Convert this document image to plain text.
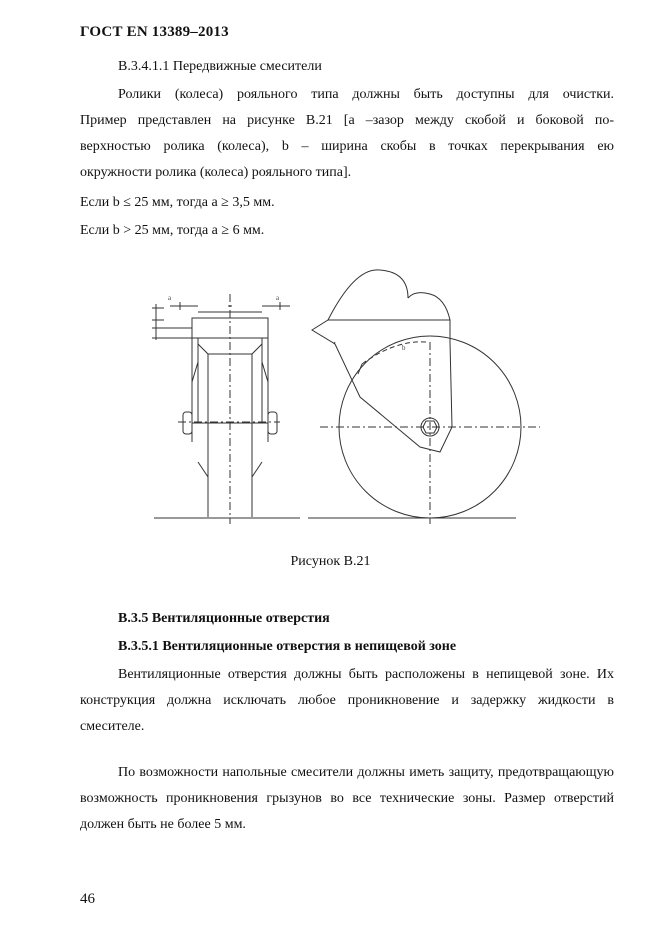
ГОСТ EN 13389–2013
В.3.4.1.1 Передвижные смесители
Ролики (колеса) рояльного типа должны быть доступны для очистки.
Пример представлен на рисунке В.21 [а –зазор между скобой и боковой по-
верхностью ролика (колеса), b – ширина скобы в точках перекрывания ею
окружности ролика (колеса) рояльного типа].
Если b ≤ 25 мм, тогда a ≥ 3,5 мм.
Если b > 25 мм, тогда a ≥ 6 мм.
a	a
b
Рисунок В.21
В.3.5 Вентиляционные отверстия
В.3.5.1 Вентиляционные отверстия в непищевой зоне
Вентиляционные отверстия должны быть расположены в непищевой зоне. Их конструкция должна исключать любое проникновение и задержку жидкости в смесителе.
По возможности напольные смесители должны иметь защиту, предотвращающую возможность проникновения грызунов во все технические зоны. Размер отверстий должен быть не более 5 мм.
46
